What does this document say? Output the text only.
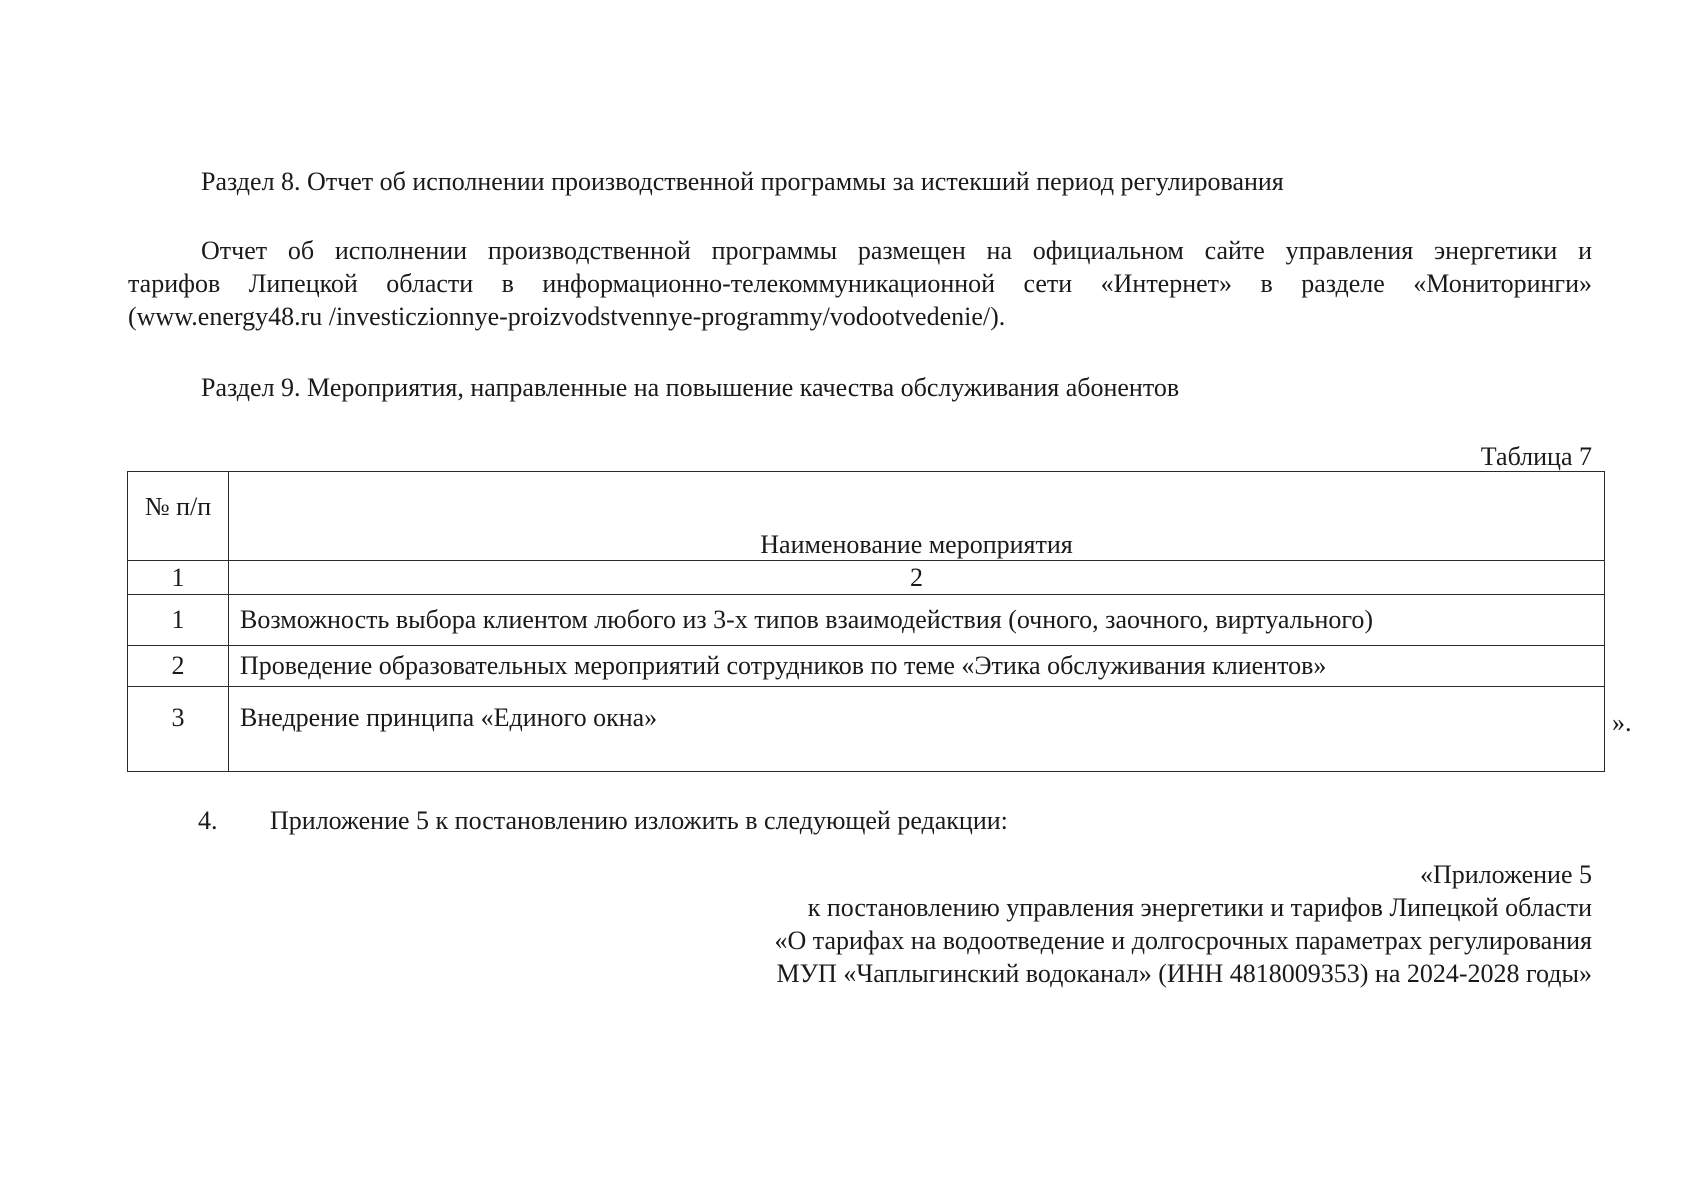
Раздел 8. Отчет об исполнении производственной программы за истекший период регулирования
Отчет об исполнении производственной программы размещен на официальном сайте управления энергетики и
тарифов Липецкой области в информационно-телекоммуникационной сети «Интернет» в разделе «Мониторинги»
(www.energy48.ru /investiczionnye-proizvodstvennye-programmy/vodootvedenie/).
Раздел 9. Мероприятия, направленные на повышение качества обслуживания абонентов
Таблица 7
№ п/п	Наименование мероприятия
1	2
1	Возможность выбора клиентом любого из 3-х типов взаимодействия (очного, заочного, виртуального)
2	Проведение образовательных мероприятий сотрудников по теме «Этика обслуживания клиентов»
3	Внедрение принципа «Единого окна»	».
4. Приложение 5 к постановлению изложить в следующей редакции:
«Приложение 5
к постановлению управления энергетики и тарифов Липецкой области
«О тарифах на водоотведение и долгосрочных параметрах регулирования
МУП «Чаплыгинский водоканал» (ИНН 4818009353) на 2024-2028 годы»
